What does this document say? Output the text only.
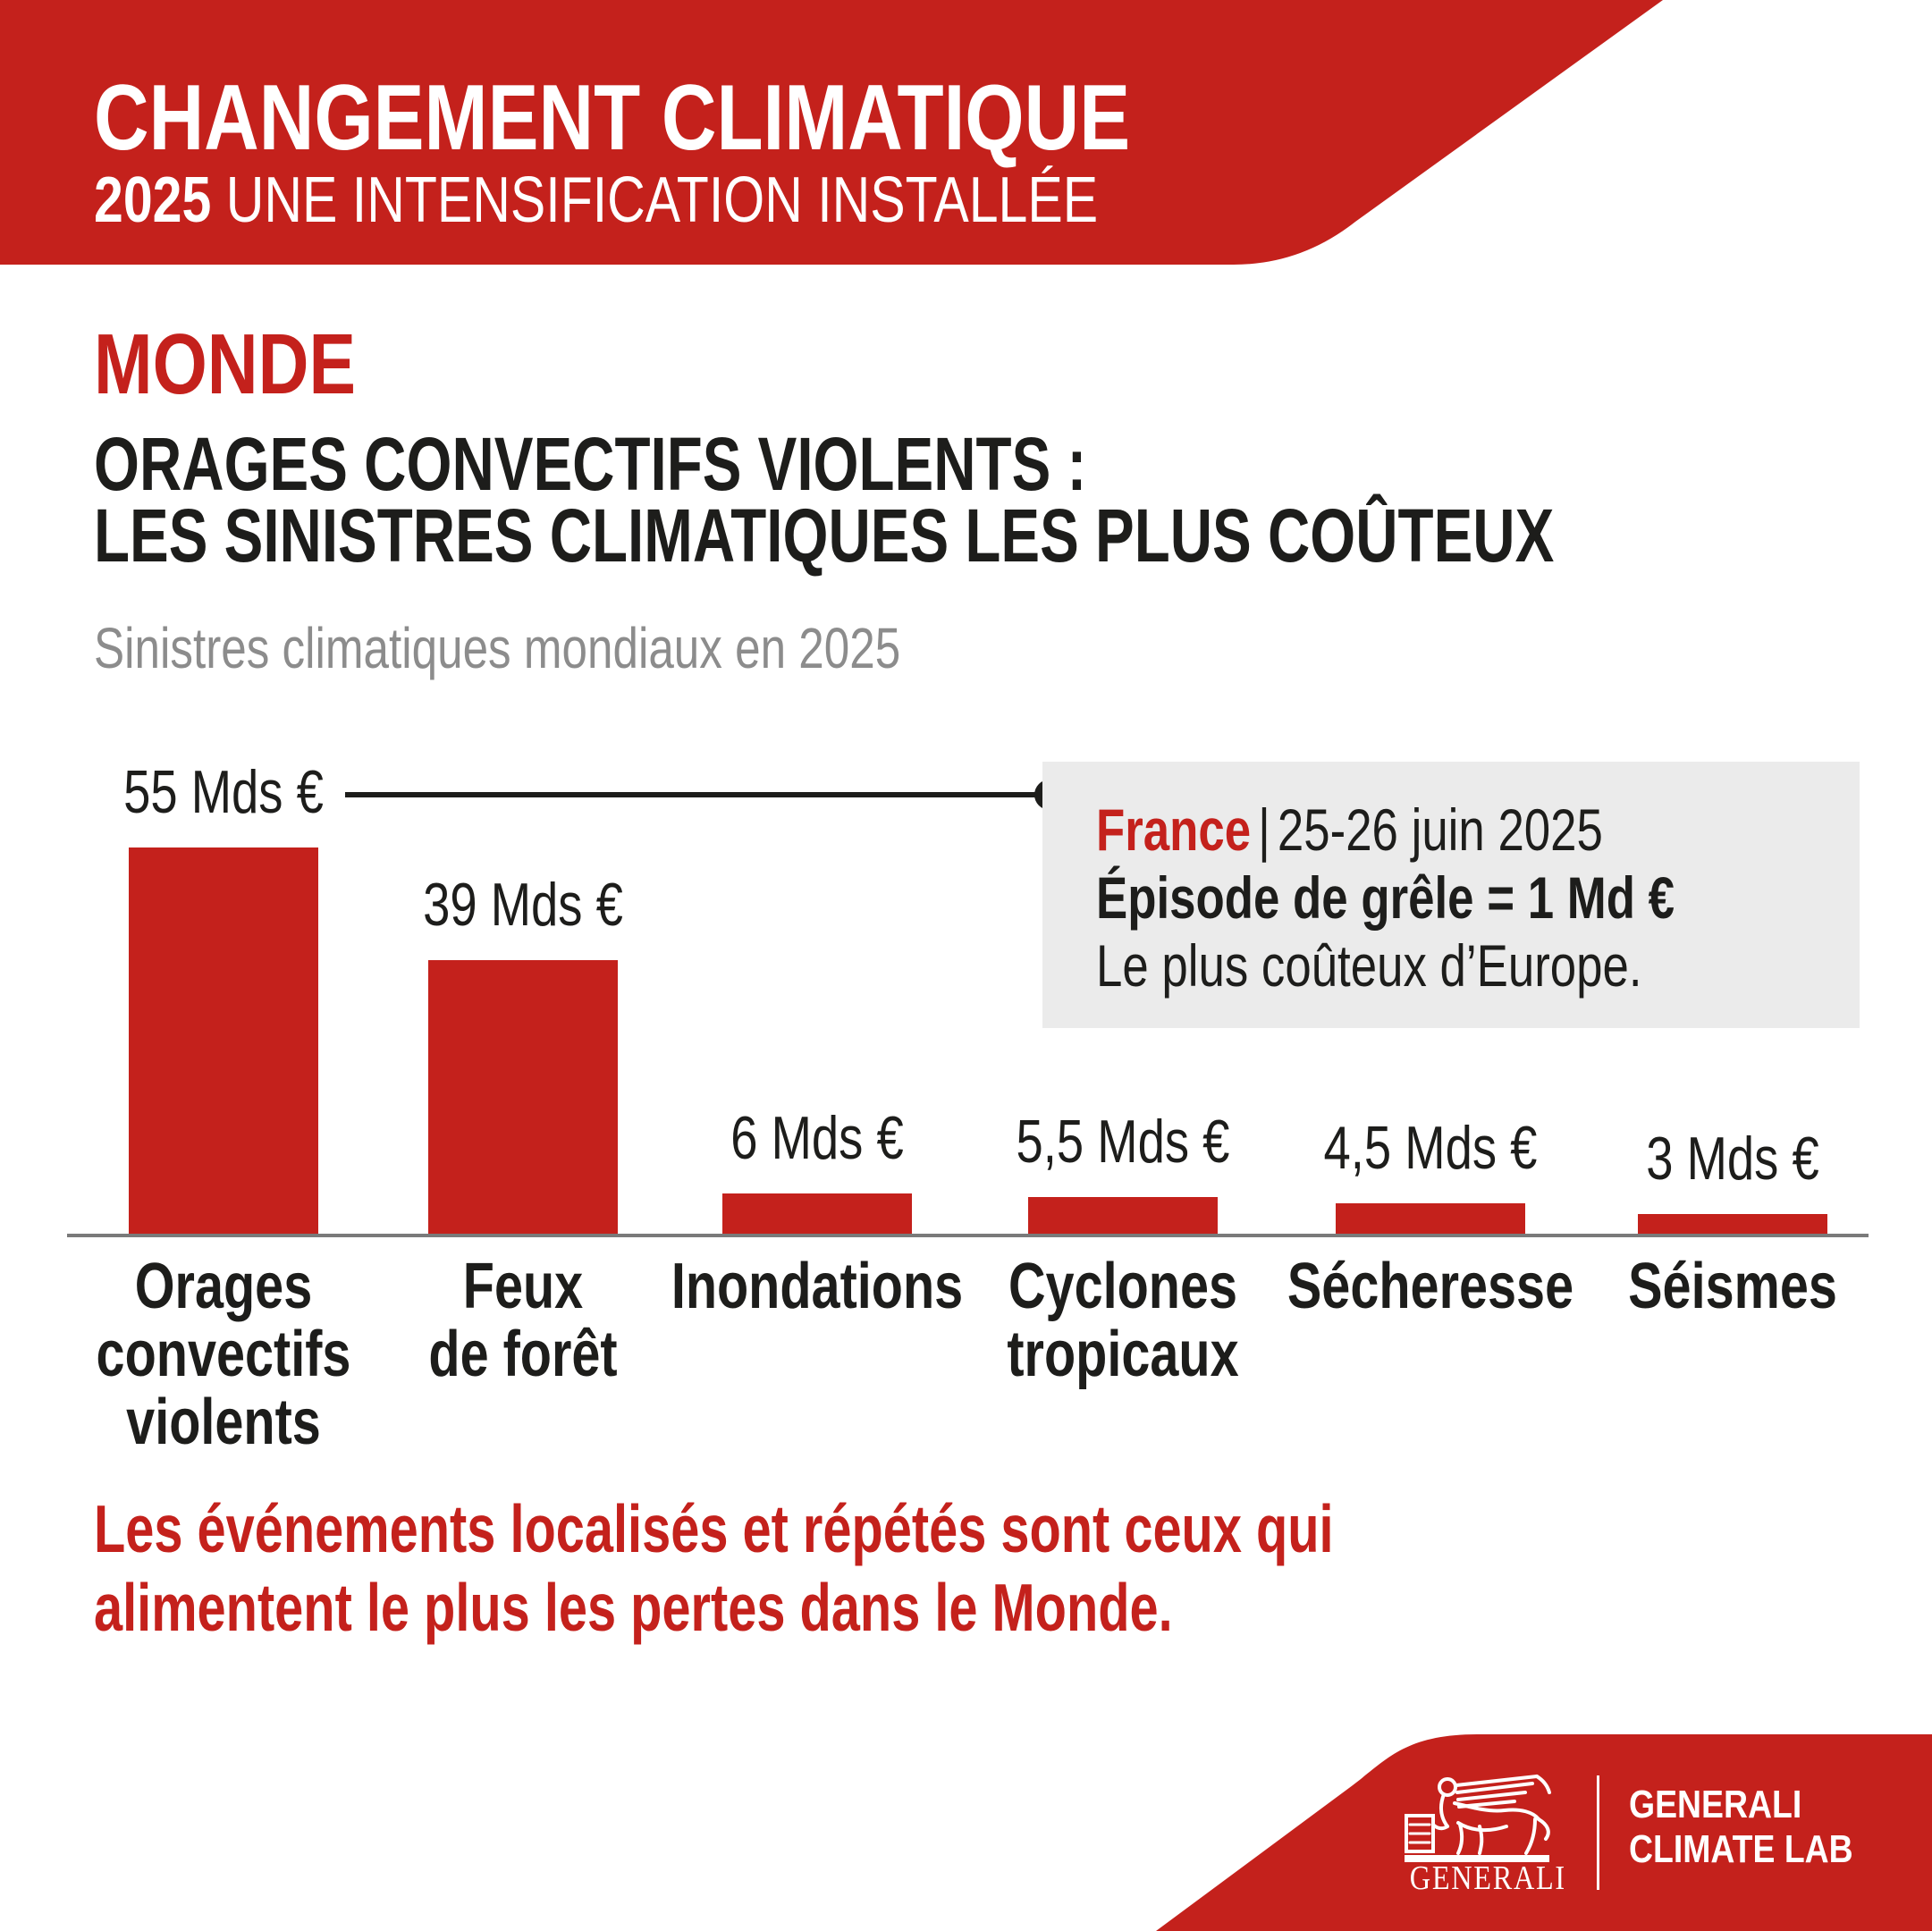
CHANGEMENT CLIMATIQUE
2025 UNE INTENSIFICATION INSTALLÉE
MONDE
ORAGES CONVECTIFS VIOLENTS :
LES SINISTRES CLIMATIQUES LES PLUS COÛTEUX
Sinistres climatiques mondiaux en 2025
55 Mds €
Orages
convectifs
violents
39 Mds €
Feux
de forêt
6 Mds €
Inondations
5,5 Mds €
Cyclones
tropicaux
4,5 Mds €
Sécheresse
3 Mds €
Séismes
France | 25-26 juin 2025
Épisode de grêle = 1 Md €
Le plus coûteux d’Europe.
Les événements localisés et répétés sont ceux qui
alimentent le plus les pertes dans le Monde.
GENERALI
GENERALI
CLIMATE LAB
